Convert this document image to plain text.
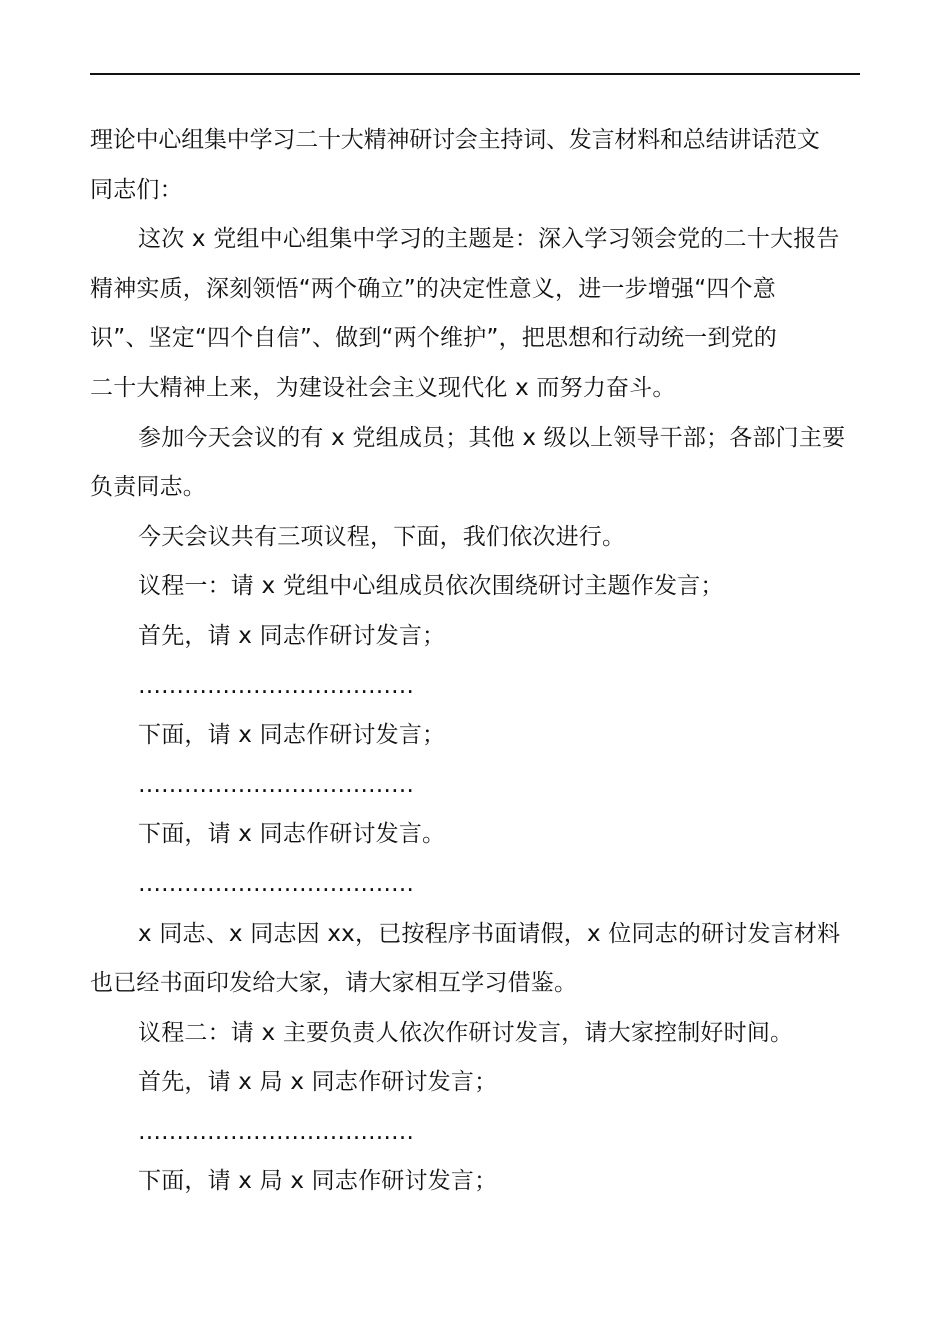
理论中心组集中学习二十大精神研讨会主持词、发言材料和总结讲话范文
同志们：
这次 x 党组中心组集中学习的主题是：深入学习领会党的二十大报告
精神实质，深刻领悟“两个确立”的决定性意义，进一步增强“四个意
识”、坚定“四个自信”、做到“两个维护”，把思想和行动统一到党的
二十大精神上来，为建设社会主义现代化 x 而努力奋斗。
参加今天会议的有 x 党组成员；其他 x 级以上领导干部；各部门主要
负责同志。
今天会议共有三项议程，下面，我们依次进行。
议程一：请 x 党组中心组成员依次围绕研讨主题作发言；
首先，请 x 同志作研讨发言；
………………………………
下面，请 x 同志作研讨发言；
………………………………
下面，请 x 同志作研讨发言。
………………………………
x 同志、x 同志因 xx，已按程序书面请假，x 位同志的研讨发言材料
也已经书面印发给大家，请大家相互学习借鉴。
议程二：请 x 主要负责人依次作研讨发言，请大家控制好时间。
首先，请 x 局 x 同志作研讨发言；
………………………………
下面，请 x 局 x 同志作研讨发言；
